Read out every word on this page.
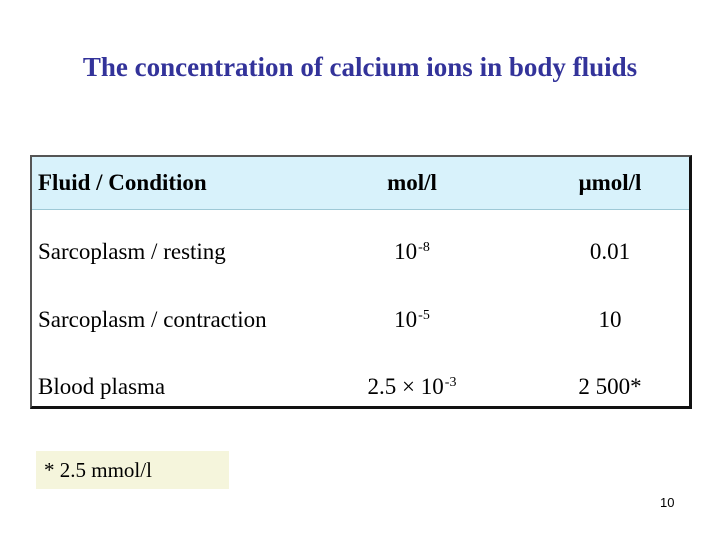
The concentration of calcium ions in body fluids
Fluid / Condition	mol/l	μmol/l
Sarcoplasm / resting	$10^{-8}$	0.01
Sarcoplasm / contraction	$10^{-5}$	10
Blood plasma	$2.5 \times 10^{-3}$	2 500*
* 2.5 mmol/l
10
